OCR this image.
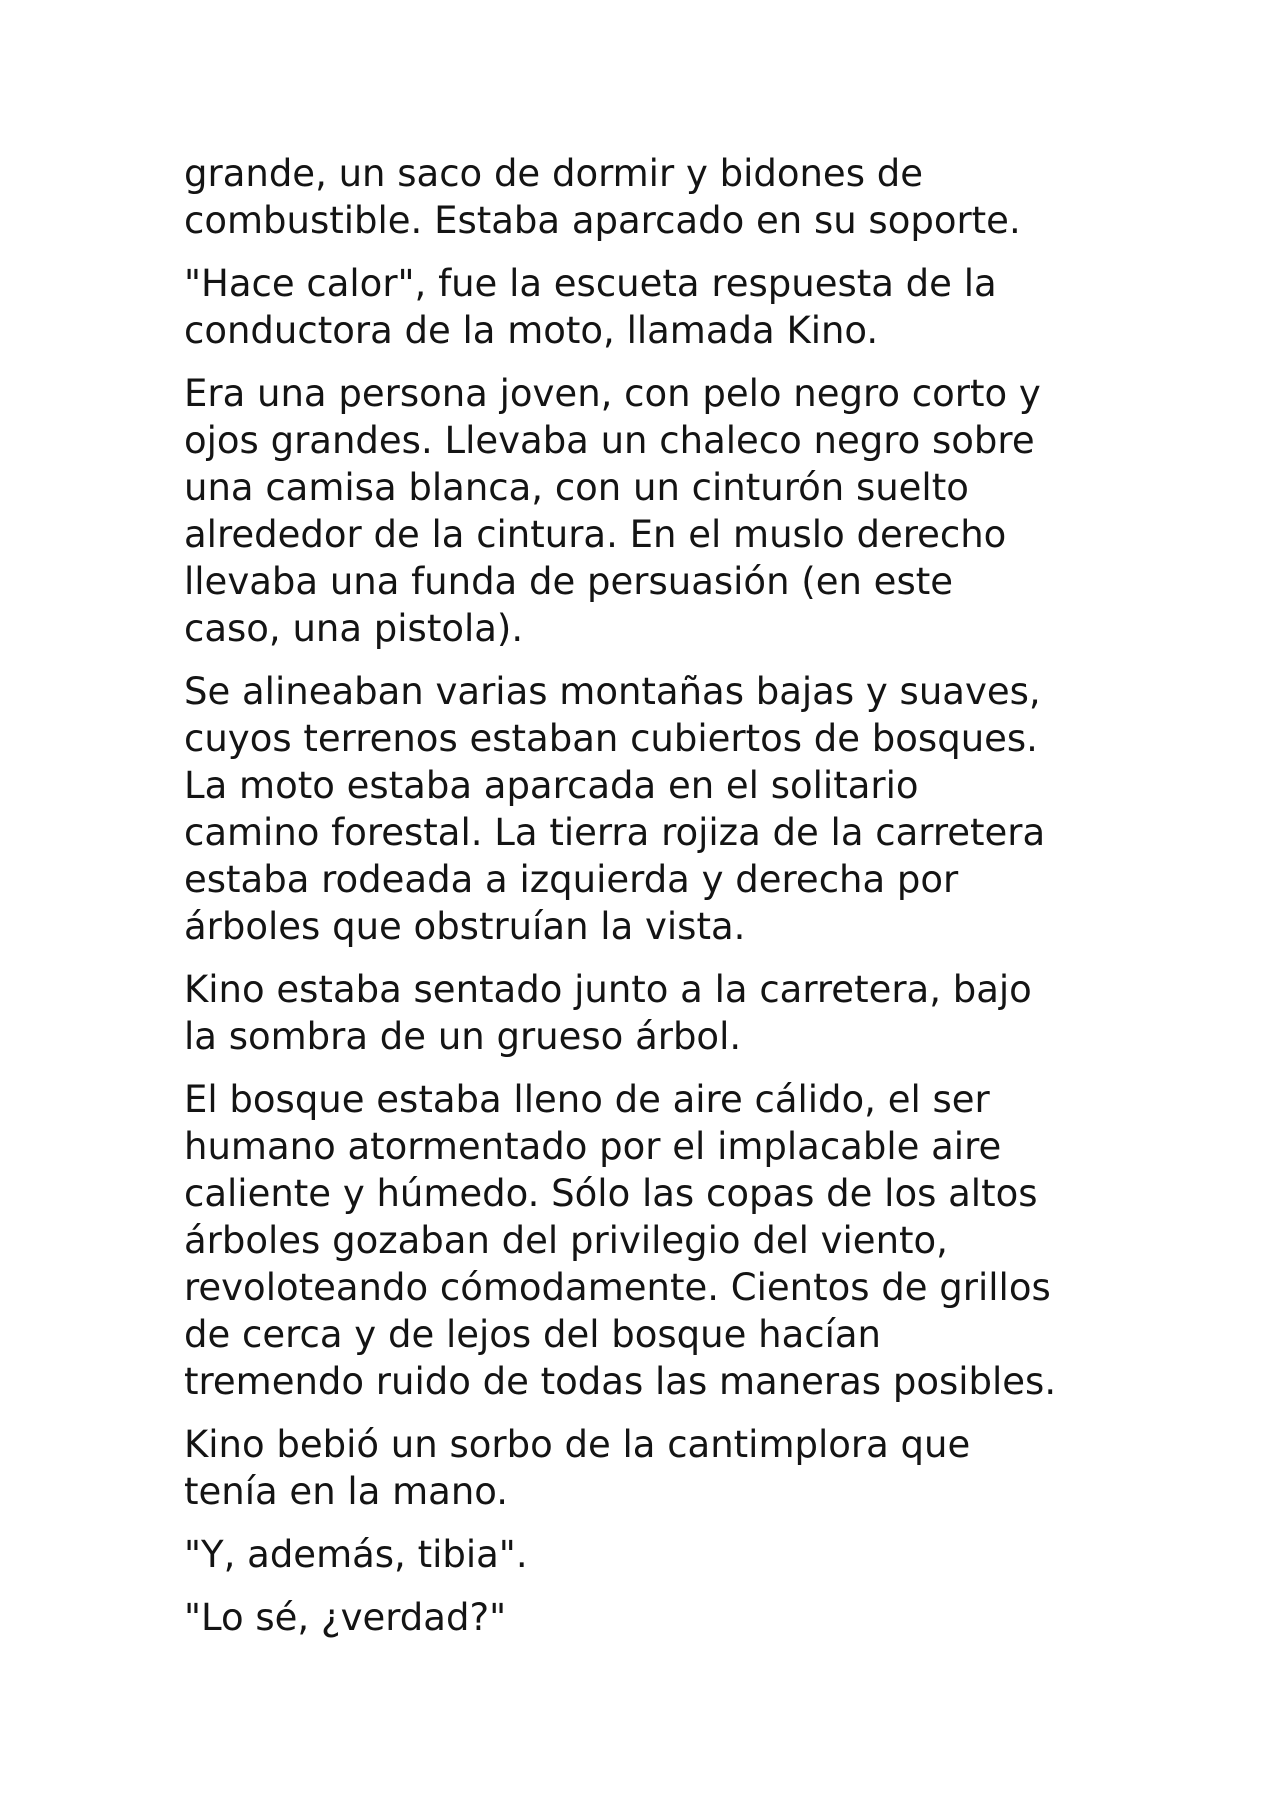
grande, un saco de dormir y bidones de
combustible. Estaba aparcado en su soporte.

"Hace calor", fue la escueta respuesta de la
conductora de la moto, llamada Kino.

Era una persona joven, con pelo negro corto y
ojos grandes. Llevaba un chaleco negro sobre
una camisa blanca, con un cinturón suelto
alrededor de la cintura. En el muslo derecho
llevaba una funda de persuasión (en este
caso, una pistola).

Se alineaban varias montañas bajas y suaves,
cuyos terrenos estaban cubiertos de bosques.
La moto estaba aparcada en el solitario
camino forestal. La tierra rojiza de la carretera
estaba rodeada a izquierda y derecha por
árboles que obstruían la vista.

Kino estaba sentado junto a la carretera, bajo
la sombra de un grueso árbol.

El bosque estaba lleno de aire cálido, el ser
humano atormentado por el implacable aire
caliente y húmedo. Sólo las copas de los altos
árboles gozaban del privilegio del viento,
revoloteando cómodamente. Cientos de grillos
de cerca y de lejos del bosque hacían
tremendo ruido de todas las maneras posibles.

Kino bebió un sorbo de la cantimplora que
tenía en la mano.

"Y, además, tibia".

"Lo sé, ¿verdad?"
